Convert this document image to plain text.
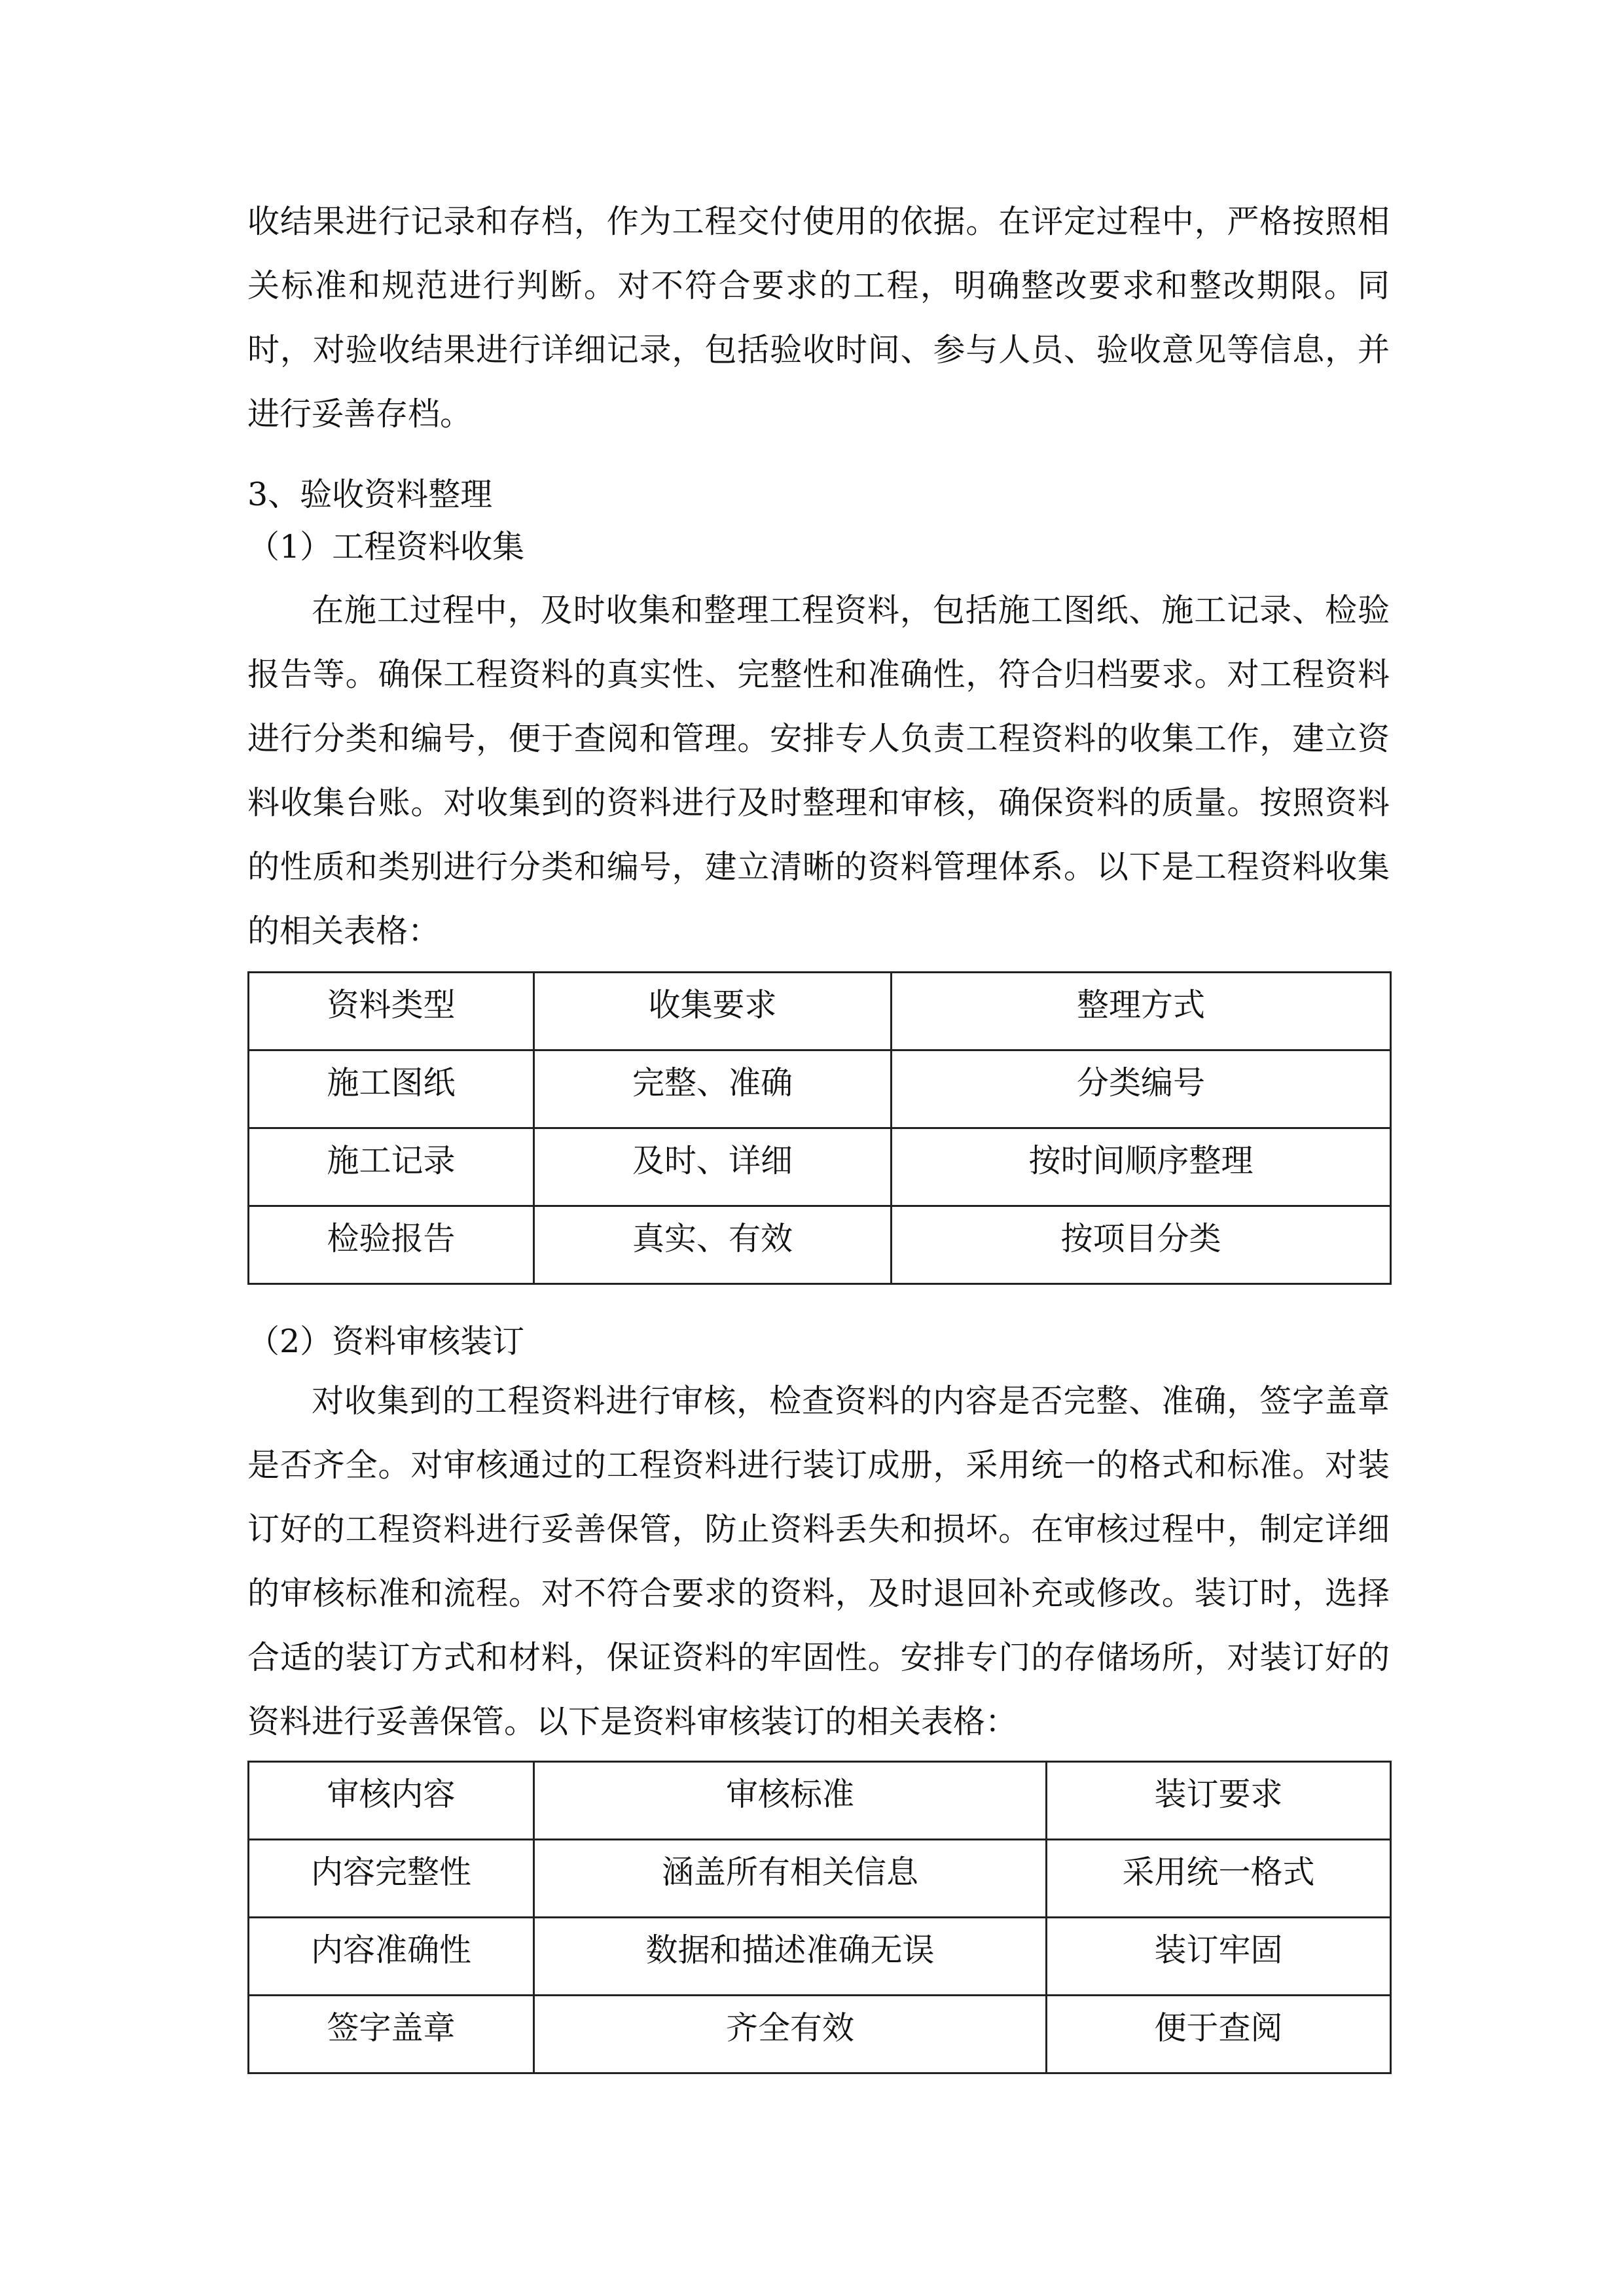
收结果进行记录和存档，作为工程交付使用的依据。在评定过程中，严格按照相关标准和规范进行判断。对不符合要求的工程，明确整改要求和整改期限。同时，对验收结果进行详细记录，包括验收时间、参与人员、验收意见等信息，并进行妥善存档。

3、验收资料整理

（1）工程资料收集

在施工过程中，及时收集和整理工程资料，包括施工图纸、施工记录、检验报告等。确保工程资料的真实性、完整性和准确性，符合归档要求。对工程资料进行分类和编号，便于查阅和管理。安排专人负责工程资料的收集工作，建立资料收集台账。对收集到的资料进行及时整理和审核，确保资料的质量。按照资料的性质和类别进行分类和编号，建立清晰的资料管理体系。以下是工程资料收集的相关表格：

资料类型	收集要求	整理方式
施工图纸	完整、准确	分类编号
施工记录	及时、详细	按时间顺序整理
检验报告	真实、有效	按项目分类

（2）资料审核装订

对收集到的工程资料进行审核，检查资料的内容是否完整、准确，签字盖章是否齐全。对审核通过的工程资料进行装订成册，采用统一的格式和标准。对装订好的工程资料进行妥善保管，防止资料丢失和损坏。在审核过程中，制定详细的审核标准和流程。对不符合要求的资料，及时退回补充或修改。装订时，选择合适的装订方式和材料，保证资料的牢固性。安排专门的存储场所，对装订好的资料进行妥善保管。以下是资料审核装订的相关表格：

审核内容	审核标准	装订要求
内容完整性	涵盖所有相关信息	采用统一格式
内容准确性	数据和描述准确无误	装订牢固
签字盖章	齐全有效	便于查阅
